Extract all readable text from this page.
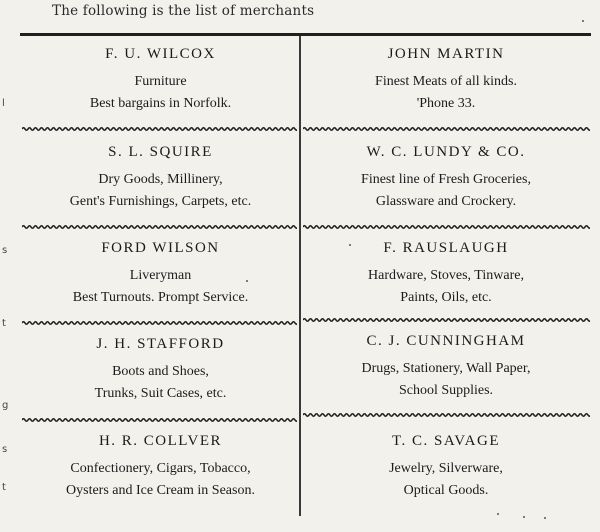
The following is the list of merchants
F. U. WILCOX
Furniture
Best bargains in Norfolk.
S. L. SQUIRE
Dry Goods, Millinery,
Gent's Furnishings, Carpets, etc.
FORD WILSON
Liveryman
Best Turnouts. Prompt Service.
J. H. STAFFORD
Boots and Shoes,
Trunks, Suit Cases, etc.
H. R. COLLVER
Confectionery, Cigars, Tobacco,
Oysters and Ice Cream in Season.
JOHN MARTIN
Finest Meats of all kinds.
'Phone 33.
W. C. LUNDY & CO.
Finest line of Fresh Groceries,
Glassware and Crockery.
F. RAUSLAUGH
Hardware, Stoves, Tinware,
Paints, Oils, etc.
C. J. CUNNINGHAM
Drugs, Stationery, Wall Paper,
School Supplies.
T. C. SAVAGE
Jewelry, Silverware,
Optical Goods.
l
t
s
g
s
t
